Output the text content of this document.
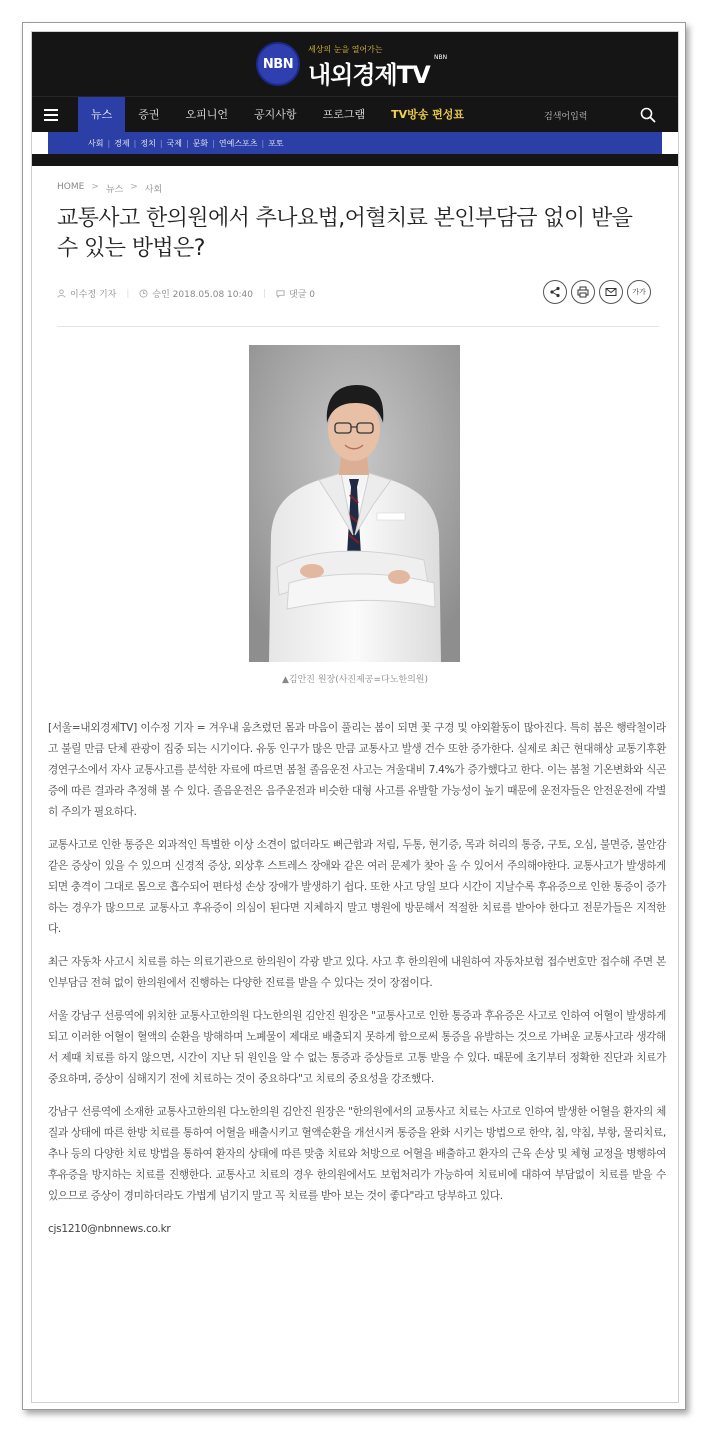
NBN
세상의 눈을 열어가는
내외경제TV
NBN
뉴스	증권	오피니언	공지사항	프로그램	TV방송 편성표	검색어입력
사회 | 경제 | 정치 | 국제 | 문화 | 연예스포츠 | 포토
HOME > 뉴스 > 사회
교통사고 한의원에서 추나요법,어혈치료 본인부담금 없이 받을 수 있는 방법은?
이수정 기자	|	승인 2018.05.08 10:40	|	댓글 0	가가
▲김안진 원장(사진제공=다노한의원)

[서울=내외경제TV] 이수정 기자 = 겨우내 움츠렸던 몸과 마음이 풀리는 봄이 되면 꽃 구경 및 야외활동이 많아진다. 특히 봄은 행락철이라고 불릴 만큼 단체 관광이 집중 되는 시기이다. 유동 인구가 많은 만큼 교통사고 발생 건수 또한 증가한다. 실제로 최근 현대해상 교통기후환경연구소에서 자사 교통사고를 분석한 자료에 따르면 봄철 졸음운전 사고는 겨울대비 7.4%가 증가했다고 한다. 이는 봄철 기온변화와 식곤증에 따른 결과라 추정해 볼 수 있다. 졸음운전은 음주운전과 비슷한 대형 사고를 유발할 가능성이 높기 때문에 운전자들은 안전운전에 각별히 주의가 필요하다.

교통사고로 인한 통증은 외과적인 특별한 이상 소견이 없더라도 뻐근함과 저림, 두통, 현기증, 목과 허리의 통증, 구토, 오심, 불면증, 불안감 같은 증상이 있을 수 있으며 신경적 증상, 외상후 스트레스 장애와 같은 여러 문제가 찾아 올 수 있어서 주의해야한다. 교통사고가 발생하게 되면 충격이 그대로 몸으로 흡수되어 편타성 손상 장애가 발생하기 쉽다. 또한 사고 당일 보다 시간이 지날수록 후유증으로 인한 통증이 증가하는 경우가 많으므로 교통사고 후유증이 의심이 된다면 지체하지 말고 병원에 방문해서 적절한 치료를 받아야 한다고 전문가들은 지적한다.

최근 자동차 사고시 치료를 하는 의료기관으로 한의원이 각광 받고 있다. 사고 후 한의원에 내원하여 자동차보험 접수번호만 접수해 주면 본인부담금 전혀 없이 한의원에서 진행하는 다양한 진료를 받을 수 있다는 것이 장점이다.

서울 강남구 선릉역에 위치한 교통사고한의원 다노한의원 김안진 원장은 "교통사고로 인한 통증과 후유증은 사고로 인하여 어혈이 발생하게 되고 이러한 어혈이 혈액의 순환을 방해하며 노폐물이 제대로 배출되지 못하게 함으로써 통증을 유발하는 것으로 가벼운 교통사고라 생각해서 제때 치료를 하지 않으면, 시간이 지난 뒤 원인을 알 수 없는 통증과 증상들로 고통 받을 수 있다. 때문에 초기부터 정확한 진단과 치료가 중요하며, 증상이 심해지기 전에 치료하는 것이 중요하다"고 치료의 중요성을 강조했다.

강남구 선릉역에 소재한 교통사고한의원 다노한의원 김안진 원장은 "한의원에서의 교통사고 치료는 사고로 인하여 발생한 어혈을 환자의 체질과 상태에 따른 한방 치료를 통하여 어혈을 배출시키고 혈액순환을 개선시켜 통증을 완화 시키는 방법으로 한약, 침, 약침, 부항, 물리치료, 추나 등의 다양한 치료 방법을 통하여 환자의 상태에 따른 맞춤 치료와 처방으로 어혈을 배출하고 환자의 근육 손상 및 체형 교정을 병행하여 후유증을 방지하는 치료를 진행한다. 교통사고 치료의 경우 한의원에서도 보험처리가 가능하여 치료비에 대하여 부담없이 치료를 받을 수 있으므로 증상이 경미하더라도 가볍게 넘기지 말고 꼭 치료를 받아 보는 것이 좋다"라고 당부하고 있다.

cjs1210@nbnnews.co.kr
